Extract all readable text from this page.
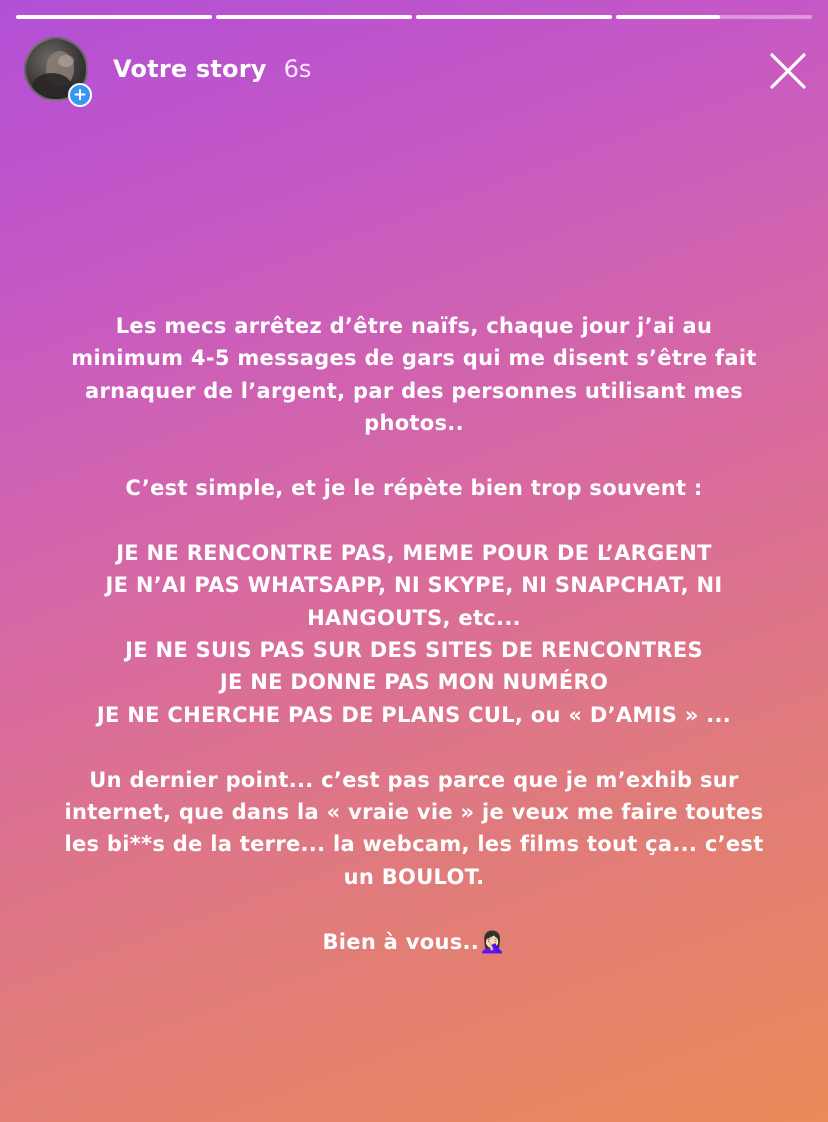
+
Votre story 6s

Les mecs arrêtez d’être naïfs, chaque jour j’ai au

minimum 4-5 messages de gars qui me disent s’être fait

arnaquer de l’argent, par des personnes utilisant mes

photos..

C’est simple, et je le répète bien trop souvent :

JE NE RENCONTRE PAS, MEME POUR DE L’ARGENT

JE N’AI PAS WHATSAPP, NI SKYPE, NI SNAPCHAT, NI

HANGOUTS, etc...

JE NE SUIS PAS SUR DES SITES DE RENCONTRES

JE NE DONNE PAS MON NUMÉRO

JE NE CHERCHE PAS DE PLANS CUL, ou « D’AMIS » ...

Un dernier point... c’est pas parce que je m’exhib sur

internet, que dans la « vraie vie » je veux me faire toutes

les bi**s de la terre... la webcam, les films tout ça... c’est

un BOULOT.

Bien à vous..🤦🏻‍♀️
